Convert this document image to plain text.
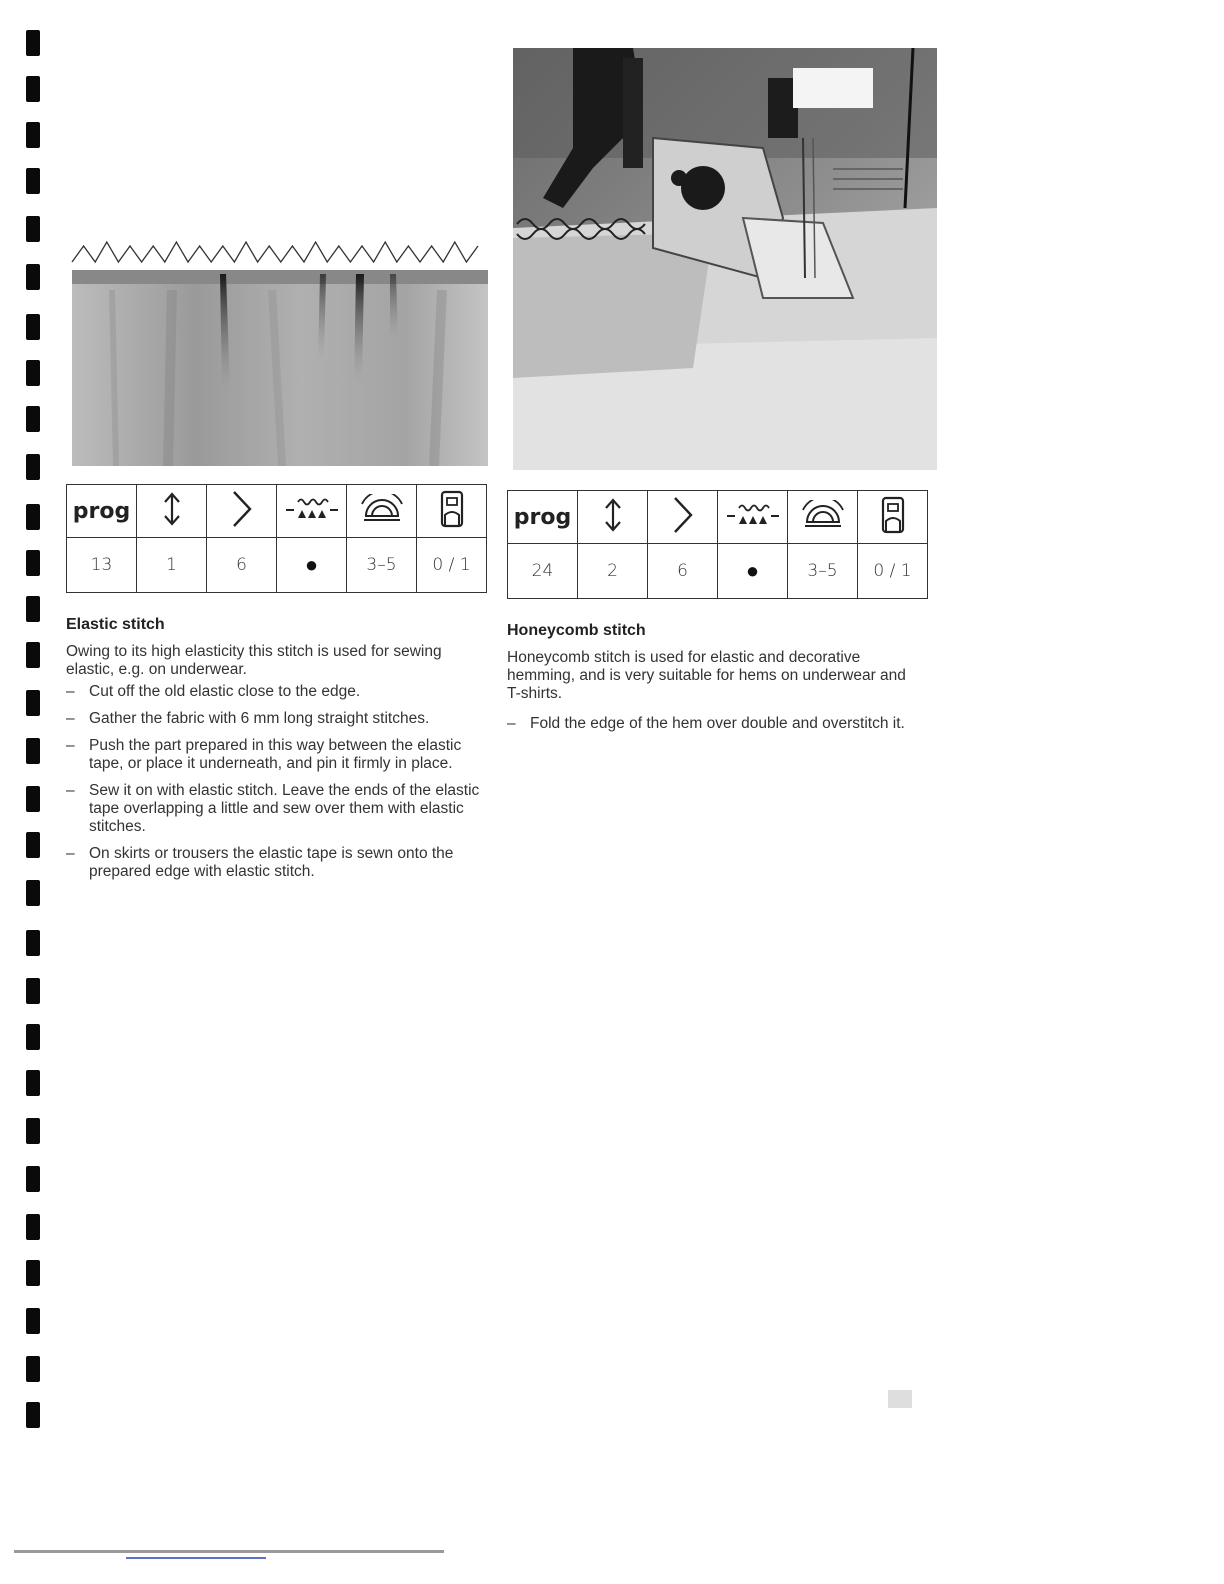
prog					
13	1	6	●	3–5	0 / 1
prog					
24	2	6	●	3–5	0 / 1
Elastic stitch

Owing to its high elasticity this stitch is used for sewing elastic, e.g. on underwear.

– Cut off the old elastic close to the edge.
– Gather the fabric with 6 mm long straight stitches.
– Push the part prepared in this way between the elastic tape, or place it underneath, and pin it firmly in place.
– Sew it on with elastic stitch. Leave the ends of the elastic tape overlapping a little and sew over them with elastic stitches.
– On skirts or trousers the elastic tape is sewn onto the prepared edge with elastic stitch.
Honeycomb stitch

Honeycomb stitch is used for elastic and decorative hemming, and is very suitable for hems on underwear and T-shirts.

– Fold the edge of the hem over double and overstitch it.
